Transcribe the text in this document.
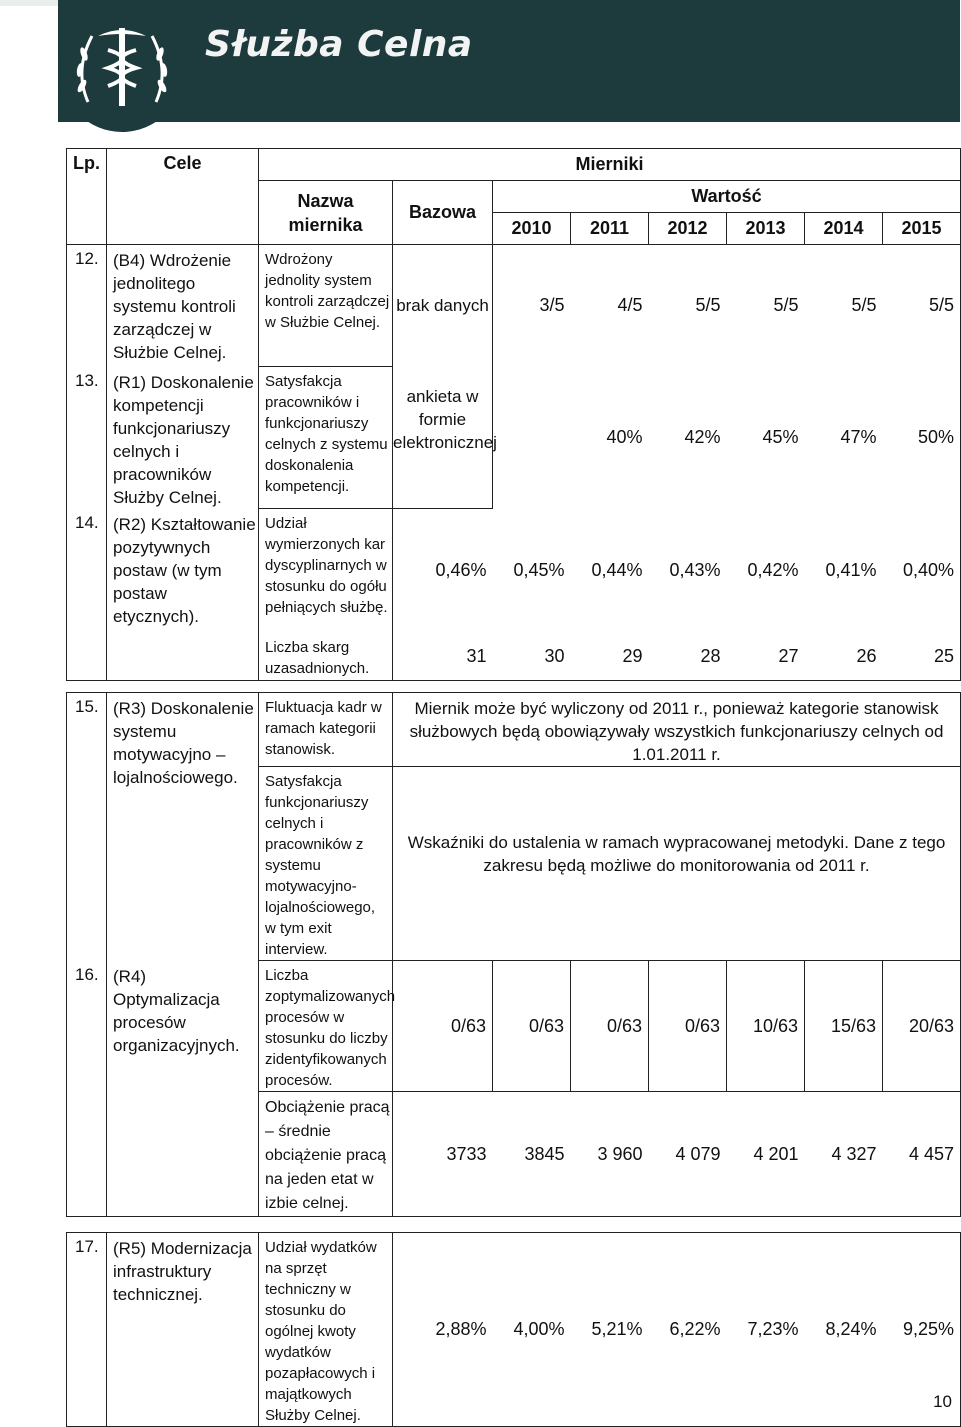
Służba Celna
Lp.	Cele	Mierniki							
		Nazwa miernika	Bazowa	Wartość					
				2010	2011	2012	2013	2014	2015
12.	(B4) Wdrożenie jednolitego systemu kontroli zarządczej w Służbie Celnej.	Wdrożony jednolity system kontroli zarządczej w Służbie Celnej.	brak danych	3/5	4/5	5/5	5/5	5/5	5/5
13.	(R1) Doskonalenie kompetencji funkcjonariuszy celnych i pracowników Służby Celnej.	Satysfakcja pracowników i funkcjonariuszy celnych z systemu doskonalenia kompetencji.	ankieta w formie elektronicznej		40%	42%	45%	47%	50%
14.	(R2) Kształtowanie pozytywnych postaw (w tym postaw etycznych).	Udział wymierzonych kar dyscyplinarnych w stosunku do ogółu pełniących służbę.	0,46%	0,45%	0,44%	0,43%	0,42%	0,41%	0,40%
		Liczba skarg uzasadnionych.	31	30	29	28	27	26	25

15.	(R3) Doskonalenie systemu motywacyjno – lojalnościowego.	Fluktuacja kadr w ramach kategorii stanowisk.	Miernik może być wyliczony od 2011 r., ponieważ kategorie stanowisk służbowych będą obowiązywały wszystkich funkcjonariuszy celnych od 1.01.2011 r.						
		Satysfakcja funkcjonariuszy celnych i pracowników z systemu motywacyjno-lojalnościowego, w tym exit interview.	Wskaźniki do ustalenia w ramach wypracowanej metodyki. Dane z tego zakresu będą możliwe do monitorowania od 2011 r.						
16.	(R4) Optymalizacja procesów organizacyjnych.	Liczba zoptymalizowanych procesów w stosunku do liczby zidentyfikowanych procesów.	0/63	0/63	0/63	0/63	10/63	15/63	20/63
		Obciążenie pracą – średnie obciążenie pracą na jeden etat w izbie celnej.	3733	3845	3 960	4 079	4 201	4 327	4 457

17.	(R5) Modernizacja infrastruktury technicznej.	Udział wydatków na sprzęt techniczny w stosunku do ogólnej kwoty wydatków pozapłacowych i majątkowych Służby Celnej.	2,88%	4,00%	5,21%	6,22%	7,23%	8,24%	9,25%
10
